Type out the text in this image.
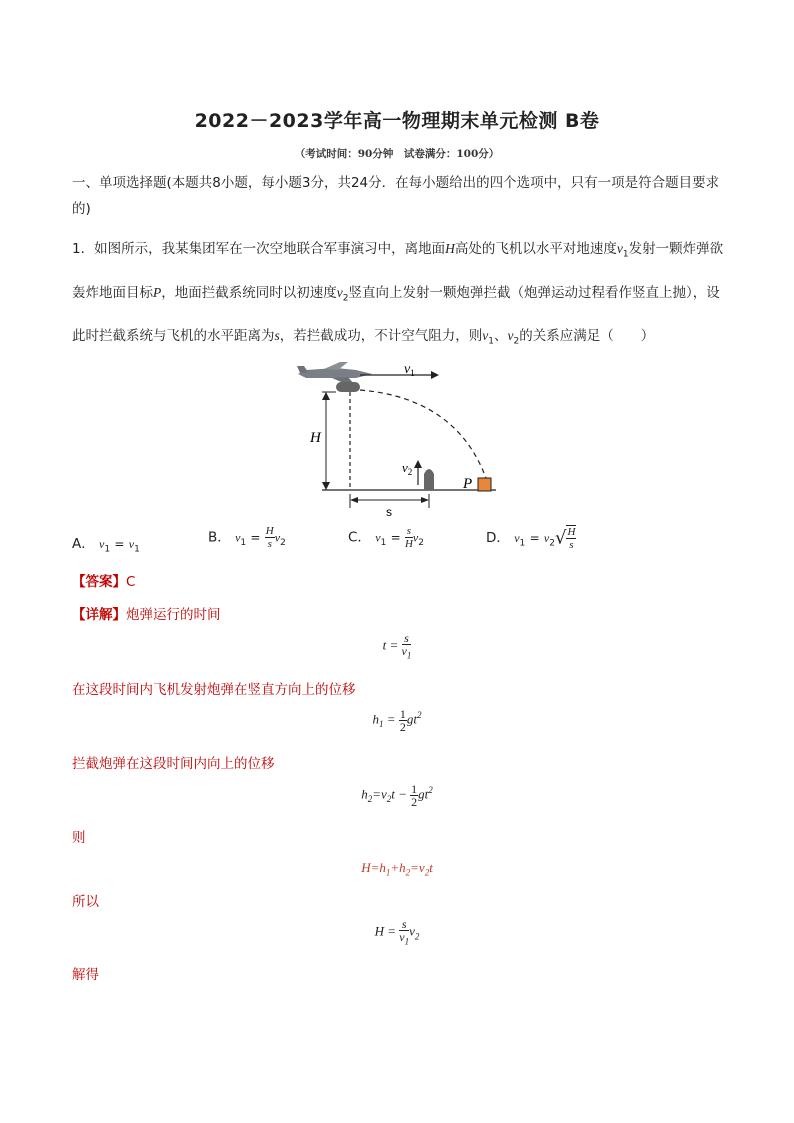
2022－2023学年高一物理期末单元检测 B卷
（考试时间：90分钟　试卷满分：100分）
一、单项选择题(本题共8小题，每小题3分，共24分．在每小题给出的四个选项中，只有一项是符合题目要求的)
1．如图所示，我某集团军在一次空地联合军事演习中，离地面H高处的飞机以水平对地速度$v_1$发射一颗炸弹欲轰炸地面目标P，地面拦截系统同时以初速度$v_2$竖直向上发射一颗炮弹拦截（炮弹运动过程看作竖直上抛），设此时拦截系统与飞机的水平距离为s，若拦截成功，不计空气阻力，则$v_1$、$v_2$的关系应满足（　　）
$v_1$
H
$v_2$
P
s
A． $v_1 = v_1$
B． $v_1 = \frac{H}{s} v_2$	C． $v_1 = \frac{s}{H} v_2$	D． $v_1 = v_2√ \frac{H}{s}$
【答案】C
【详解】炮弹运行的时间
$t = \frac{s}{v_1}$
在这段时间内飞机发射炮弹在竖直方向上的位移
$h_1 = \frac{1}{2} gt^2$
拦截炮弹在这段时间内向上的位移
$h_2=v_2t - \frac{1}{2} gt^2$
则
$H=h_1+h_2=v_2t$
所以
$H = \frac{s}{v_1} v_2$
解得
